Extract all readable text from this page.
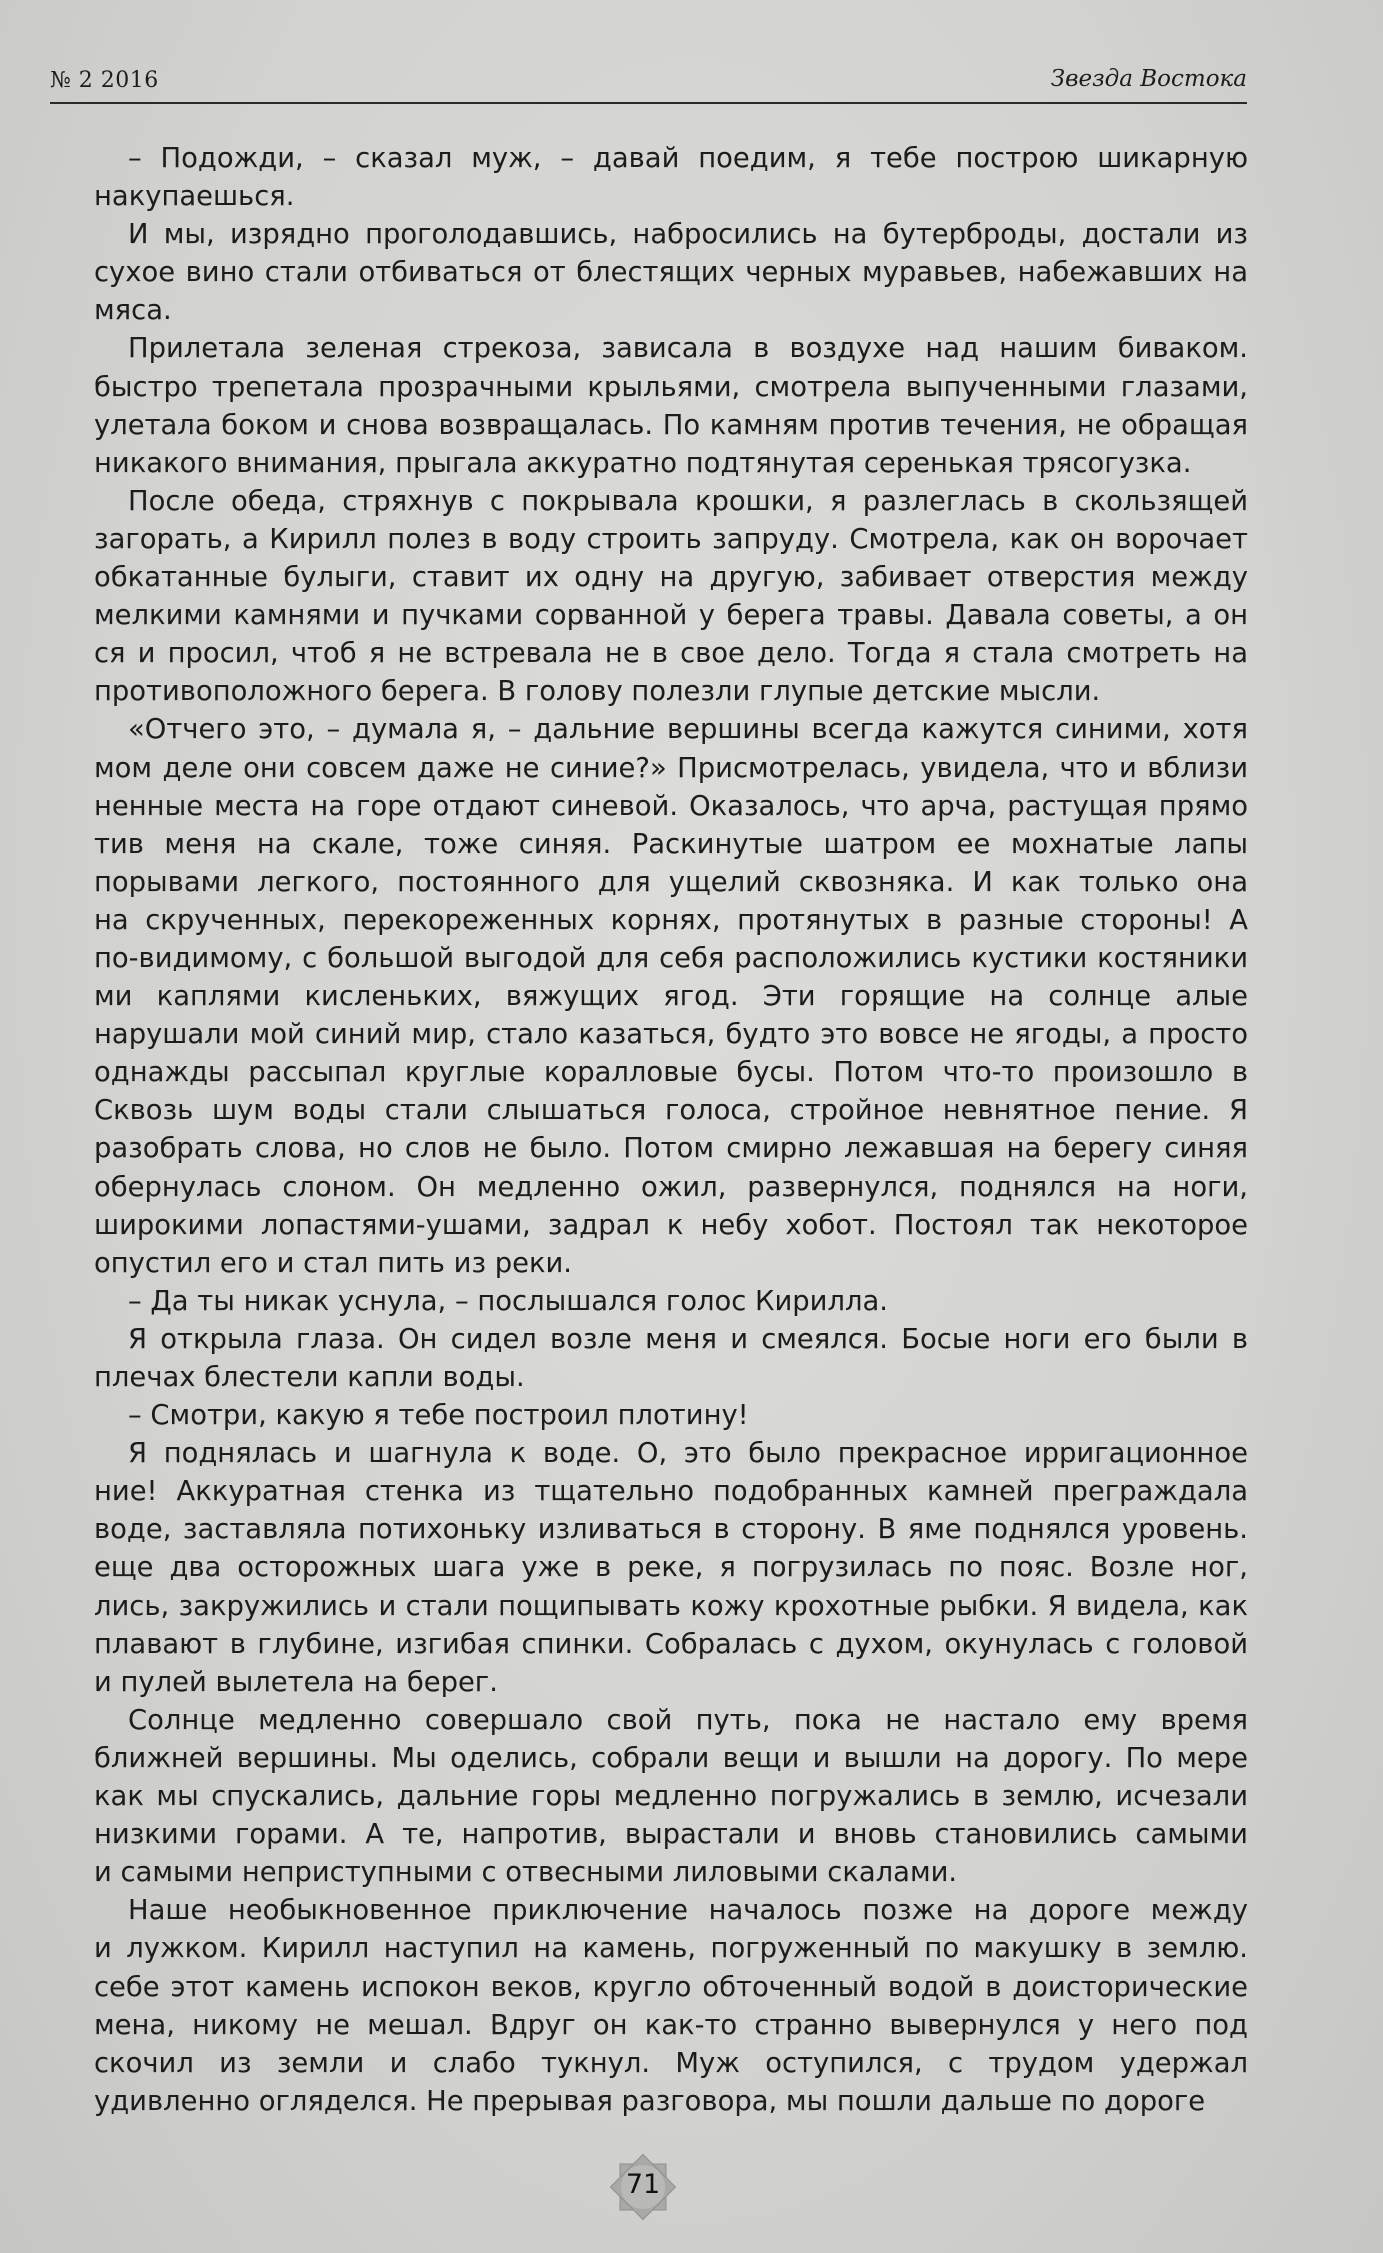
№ 2 2016	Звезда Востока
– Подожди, – сказал муж, – давай поедим, я тебе построю шикарную
накупаешься.
И мы, изрядно проголодавшись, набросились на бутерброды, достали из
сухое вино стали отбиваться от блестящих черных муравьев, набежавших на
мяса.
Прилетала зеленая стрекоза, зависала в воздухе над нашим биваком.
быстро трепетала прозрачными крыльями, смотрела выпученными глазами,
улетала боком и снова возвращалась. По камням против течения, не обращая
никакого внимания, прыгала аккуратно подтянутая серенькая трясогузка.
После обеда, стряхнув с покрывала крошки, я разлеглась в скользящей
загорать, а Кирилл полез в воду строить запруду. Смотрела, как он ворочает
обкатанные булыги, ставит их одну на другую, забивает отверстия между
мелкими камнями и пучками сорванной у берега травы. Давала советы, а он
ся и просил, чтоб я не встревала не в свое дело. Тогда я стала смотреть на
противоположного берега. В голову полезли глупые детские мысли.
«Отчего это, – думала я, – дальние вершины всегда кажутся синими, хотя
мом деле они совсем даже не синие?» Присмотрелась, увидела, что и вблизи
ненные места на горе отдают синевой. Оказалось, что арча, растущая прямо
тив меня на скале, тоже синяя. Раскинутые шатром ее мохнатые лапы
порывами легкого, постоянного для ущелий сквозняка. И как только она
на скрученных, перекореженных корнях, протянутых в разные стороны! А
по-видимому, с большой выгодой для себя расположились кустики костяники
ми каплями кисленьких, вяжущих ягод. Эти горящие на солнце алые
нарушали мой синий мир, стало казаться, будто это вовсе не ягоды, а просто
однажды рассыпал круглые коралловые бусы. Потом что-то произошло в
Сквозь шум воды стали слышаться голоса, стройное невнятное пение. Я
разобрать слова, но слов не было. Потом смирно лежавшая на берегу синяя
обернулась слоном. Он медленно ожил, развернулся, поднялся на ноги,
широкими лопастями-ушами, задрал к небу хобот. Постоял так некоторое
опустил его и стал пить из реки.
– Да ты никак уснула, – послышался голос Кирилла.
Я открыла глаза. Он сидел возле меня и смеялся. Босые ноги его были в
плечах блестели капли воды.
– Смотри, какую я тебе построил плотину!
Я поднялась и шагнула к воде. О, это было прекрасное ирригационное
ние! Аккуратная стенка из тщательно подобранных камней преграждала
воде, заставляла потихоньку изливаться в сторону. В яме поднялся уровень.
еще два осторожных шага уже в реке, я погрузилась по пояс. Возле ног,
лись, закружились и стали пощипывать кожу крохотные рыбки. Я видела, как
плавают в глубине, изгибая спинки. Собралась с духом, окунулась с головой
и пулей вылетела на берег.
Солнце медленно совершало свой путь, пока не настало ему время
ближней вершины. Мы оделись, собрали вещи и вышли на дорогу. По мере
как мы спускались, дальние горы медленно погружались в землю, исчезали
низкими горами. А те, напротив, вырастали и вновь становились самыми
и самыми неприступными с отвесными лиловыми скалами.
Наше необыкновенное приключение началось позже на дороге между
и лужком. Кирилл наступил на камень, погруженный по макушку в землю.
себе этот камень испокон веков, кругло обточенный водой в доисторические
мена, никому не мешал. Вдруг он как-то странно вывернулся у него под
скочил из земли и слабо тукнул. Муж оступился, с трудом удержал
удивленно огляделся. Не прерывая разговора, мы пошли дальше по дороге
71
